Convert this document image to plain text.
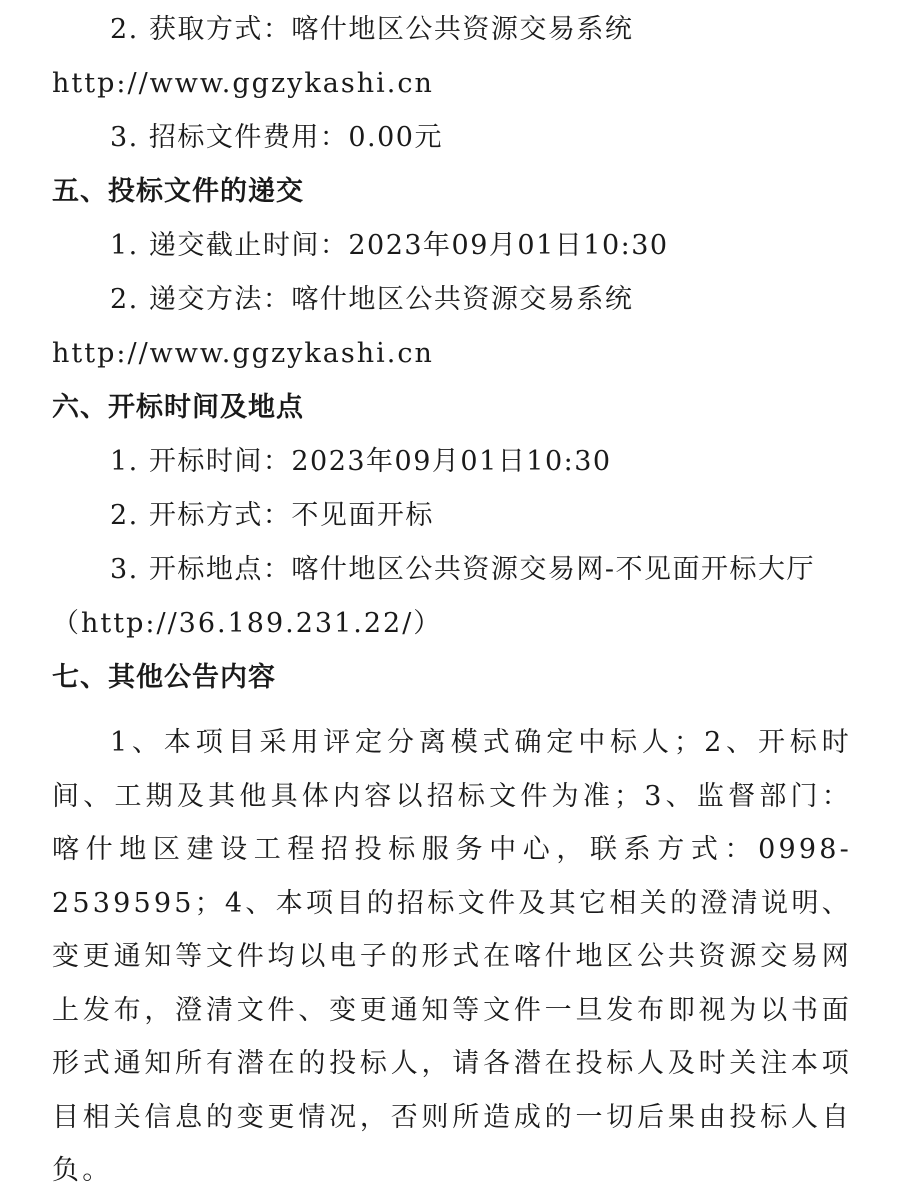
2. 获取方式：喀什地区公共资源交易系统
http://www.ggzykashi.cn
3. 招标文件费用：0.00元
五、投标文件的递交
1. 递交截止时间：2023年09月01日10:30
2. 递交方法：喀什地区公共资源交易系统
http://www.ggzykashi.cn
六、开标时间及地点
1. 开标时间：2023年09月01日10:30
2. 开标方式：不见面开标
3. 开标地点：喀什地区公共资源交易网-不见面开标大厅
（http://36.189.231.22/）
七、其他公告内容
1、本项目采用评定分离模式确定中标人；2、开标时间、工期及其他具体内容以招标文件为准；3、监督部门：喀什地区建设工程招投标服务中心，联系方式：0998-2539595；4、本项目的招标文件及其它相关的澄清说明、变更通知等文件均以电子的形式在喀什地区公共资源交易网上发布，澄清文件、变更通知等文件一旦发布即视为以书面形式通知所有潜在的投标人，请各潜在投标人及时关注本项目相关信息的变更情况，否则所造成的一切后果由投标人自负。
